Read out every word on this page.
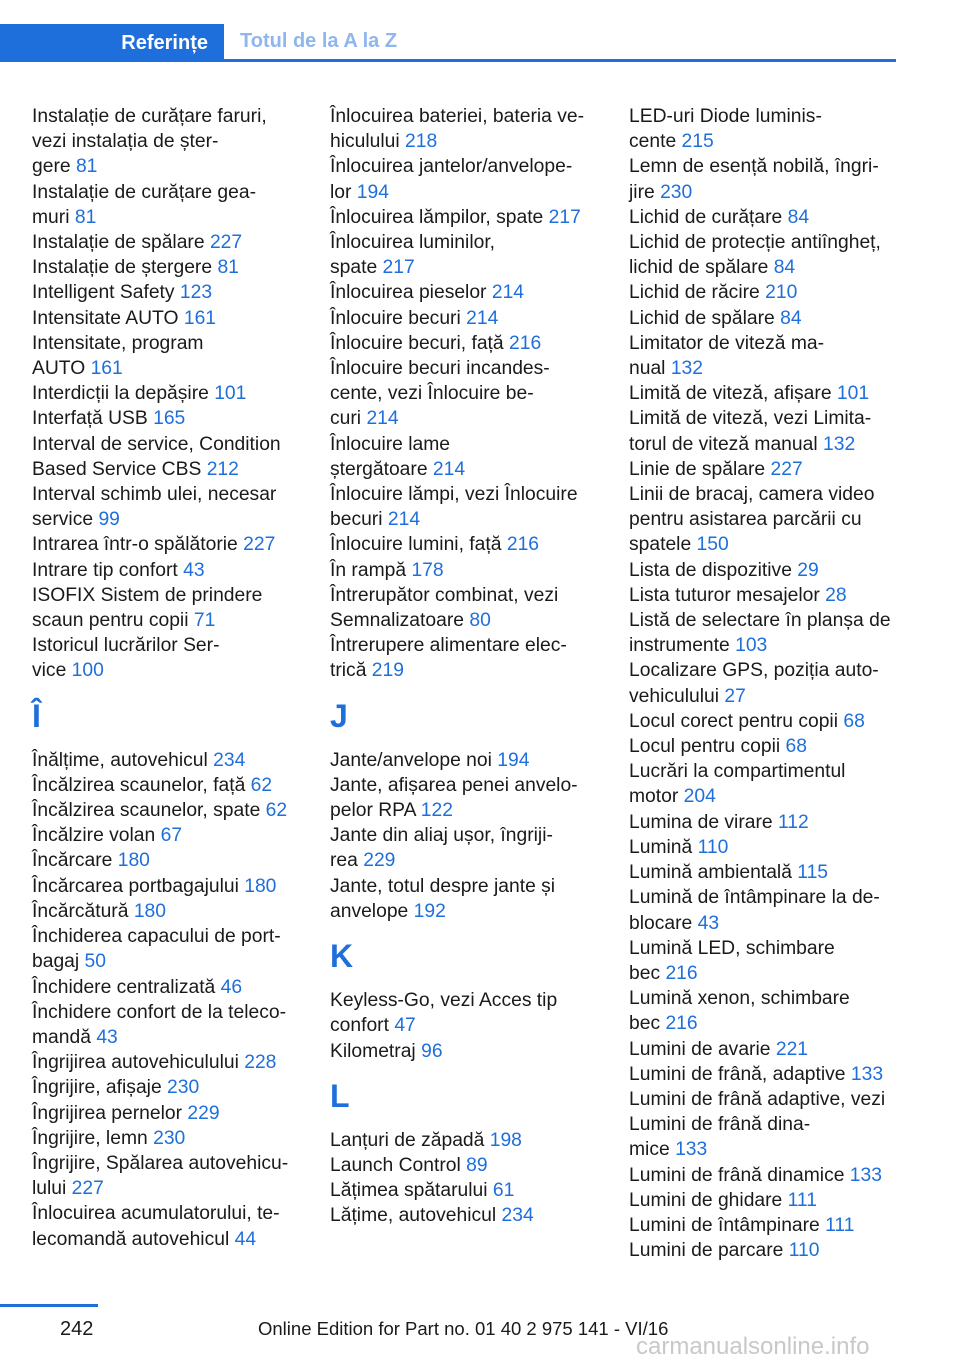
Referințe Totul de la A la Z
Instalație de curățare faruri,
vezi instalația de șter-
gere 81
Instalație de curățare gea-
muri 81
Instalație de spălare 227
Instalație de ștergere 81
Intelligent Safety 123
Intensitate AUTO 161
Intensitate, program
AUTO 161
Interdicții la depășire 101
Interfață USB 165
Interval de service, Condition
Based Service CBS 212
Interval schimb ulei, necesar
service 99
Intrarea într-o spălătorie 227
Intrare tip confort 43
ISOFIX Sistem de prindere
scaun pentru copii 71
Istoricul lucrărilor Ser-
vice 100
Î
Înălțime, autovehicul 234
Încălzirea scaunelor, față 62
Încălzirea scaunelor, spate 62
Încălzire volan 67
Încărcare 180
Încărcarea portbagajului 180
Încărcătură 180
Închiderea capacului de port-
bagaj 50
Închidere centralizată 46
Închidere confort de la teleco-
mandă 43
Îngrijirea autovehiculului 228
Îngrijire, afișaje 230
Îngrijirea pernelor 229
Îngrijire, lemn 230
Îngrijire, Spălarea autovehicu-
lului 227
Înlocuirea acumulatorului, te-
lecomandă autovehicul 44
Înlocuirea bateriei, bateria ve-
hiculului 218
Înlocuirea jantelor/anvelope-
lor 194
Înlocuirea lămpilor, spate 217
Înlocuirea luminilor,
spate 217
Înlocuirea pieselor 214
Înlocuire becuri 214
Înlocuire becuri, față 216
Înlocuire becuri incandes-
cente, vezi Înlocuire be-
curi 214
Înlocuire lame
ștergătoare 214
Înlocuire lămpi, vezi Înlocuire
becuri 214
Înlocuire lumini, față 216
În rampă 178
Întrerupător combinat, vezi
Semnalizatoare 80
Întrerupere alimentare elec-
trică 219
J
Jante/anvelope noi 194
Jante, afișarea penei anvelo-
pelor RPA 122
Jante din aliaj ușor, îngriji-
rea 229
Jante, totul despre jante și
anvelope 192
K
Keyless-Go, vezi Acces tip
confort 47
Kilometraj 96
L
Lanțuri de zăpadă 198
Launch Control 89
Lățimea spătarului 61
Lățime, autovehicul 234
LED-uri Diode luminis-
cente 215
Lemn de esență nobilă, îngri-
jire 230
Lichid de curățare 84
Lichid de protecție antiîngheț,
lichid de spălare 84
Lichid de răcire 210
Lichid de spălare 84
Limitator de viteză ma-
nual 132
Limită de viteză, afișare 101
Limită de viteză, vezi Limita-
torul de viteză manual 132
Linie de spălare 227
Linii de bracaj, camera video
pentru asistarea parcării cu
spatele 150
Lista de dispozitive 29
Lista tuturor mesajelor 28
Listă de selectare în planșa de
instrumente 103
Localizare GPS, poziția auto-
vehiculului 27
Locul corect pentru copii 68
Locul pentru copii 68
Lucrări la compartimentul
motor 204
Lumina de virare 112
Lumină 110
Lumină ambientală 115
Lumină de întâmpinare la de-
blocare 43
Lumină LED, schimbare
bec 216
Lumină xenon, schimbare
bec 216
Lumini de avarie 221
Lumini de frână, adaptive 133
Lumini de frână adaptive, vezi
Lumini de frână dina-
mice 133
Lumini de frână dinamice 133
Lumini de ghidare 111
Lumini de întâmpinare 111
Lumini de parcare 110
242	Online Edition for Part no. 01 40 2 975 141 - VI/16
carmanualsonline.info
